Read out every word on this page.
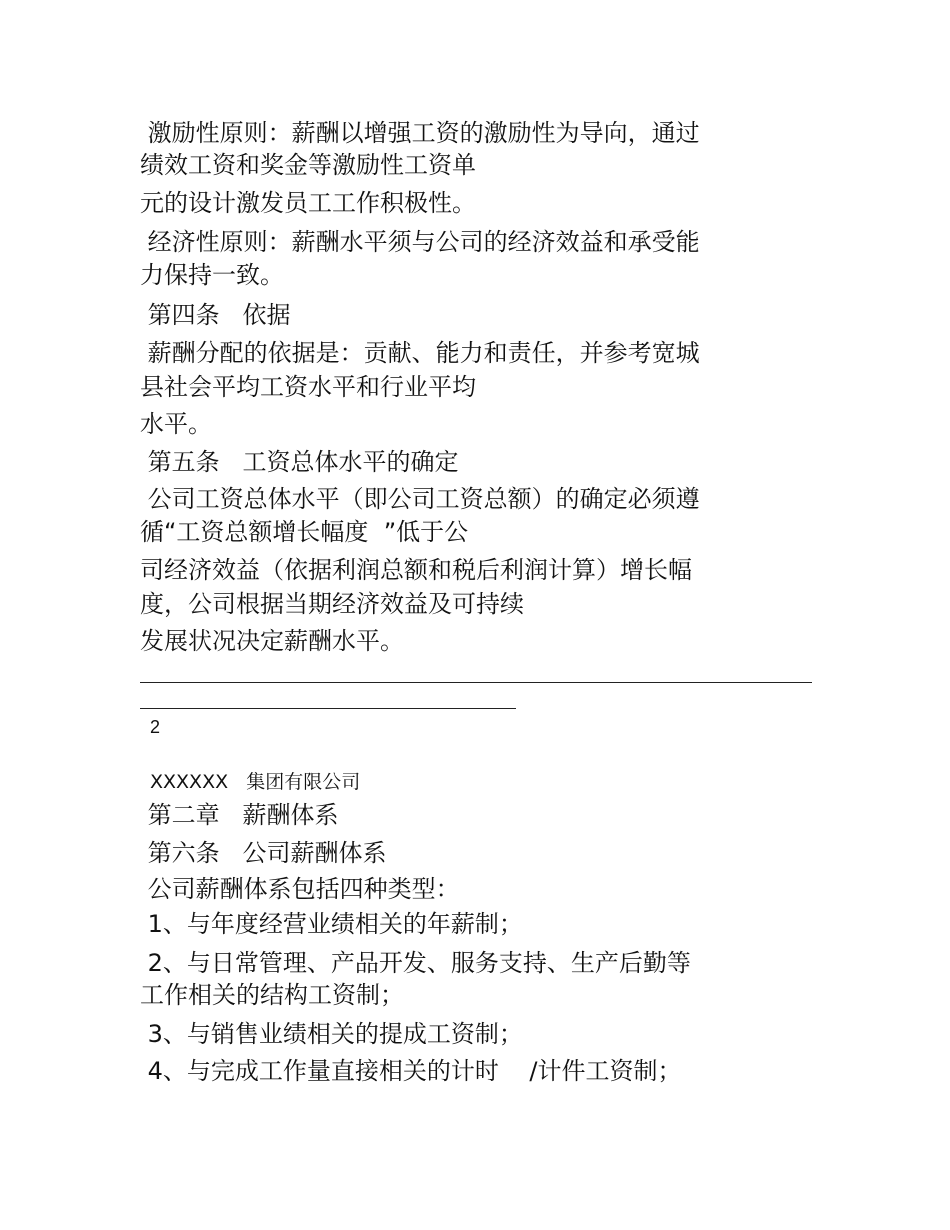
激励性原则：薪酬以增强工资的激励性为导向，通过
绩效工资和奖金等激励性工资单
元的设计激发员工工作积极性。
经济性原则：薪酬水平须与公司的经济效益和承受能
力保持一致。
第四条   依据
薪酬分配的依据是：贡献、能力和责任，并参考宽城
县社会平均工资水平和行业平均
水平。
第五条   工资总体水平的确定
公司工资总体水平（即公司工资总额）的确定必须遵
循“工资总额增长幅度  ”低于公
司经济效益（依据利润总额和税后利润计算）增长幅
度，公司根据当期经济效益及可持续
发展状况决定薪酬水平。
2
XXXXXX   集团有限公司
第二章   薪酬体系
第六条   公司薪酬体系
公司薪酬体系包括四种类型：
1、与年度经营业绩相关的年薪制；
2、与日常管理、产品开发、服务支持、生产后勤等
工作相关的结构工资制；
3、与销售业绩相关的提成工资制；
4、与完成工作量直接相关的计时    /计件工资制；
